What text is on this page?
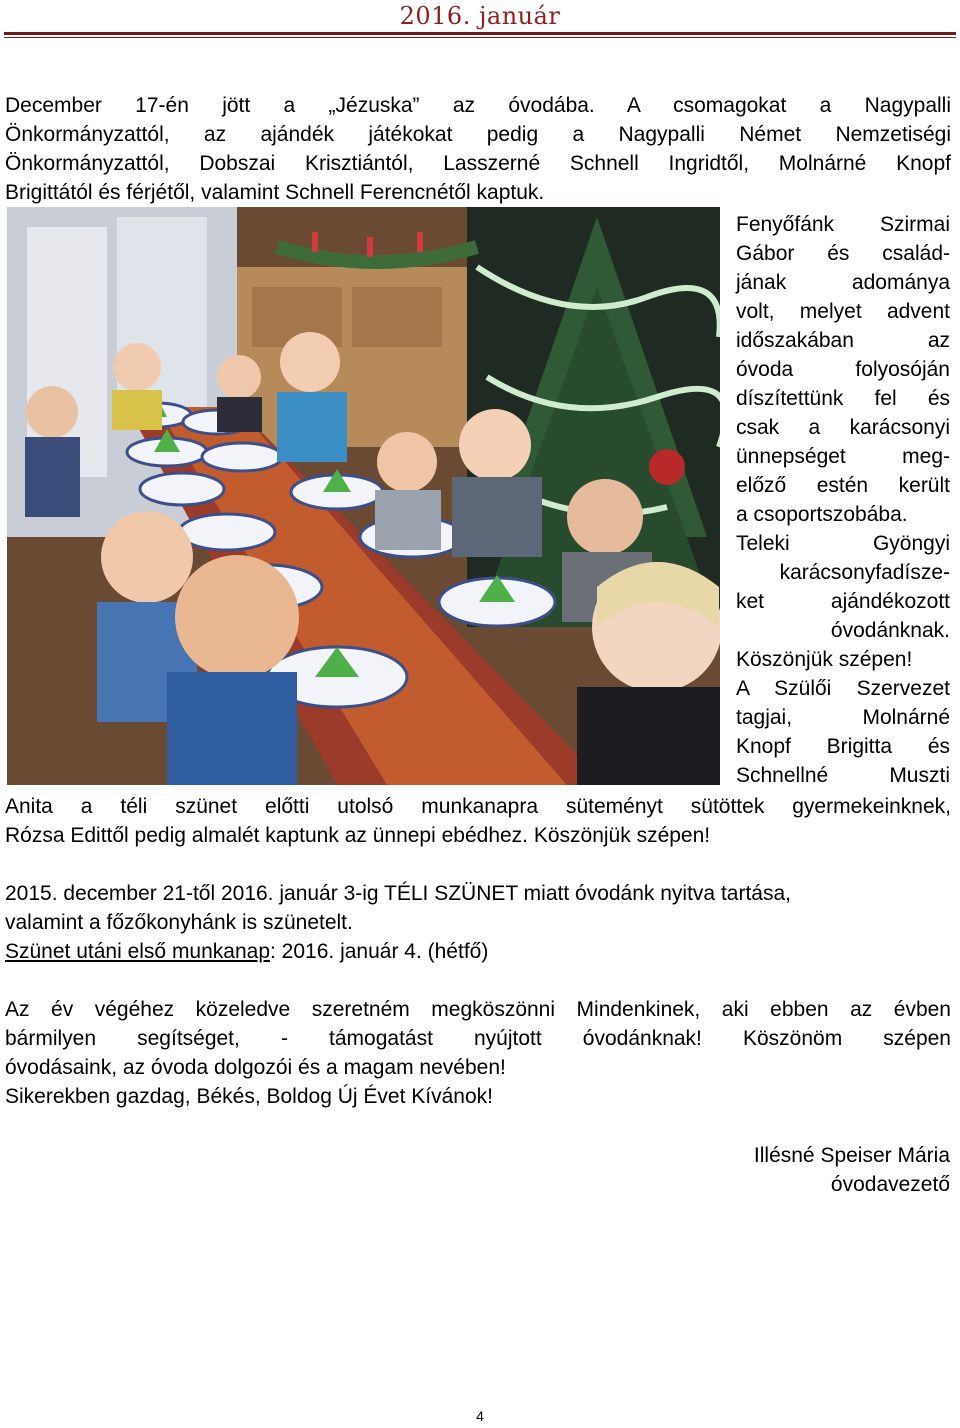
2016. január
December 17-én jött a „Jézuska” az óvodába. A csomagokat a Nagypalli
Önkormányzattól, az ajándék játékokat pedig a Nagypalli Német Nemzetiségi
Önkormányzattól, Dobszai Krisztiántól, Lasszerné Schnell Ingridtől, Molnárné Knopf
Brigittától és férjétől, valamint Schnell Ferencnétől kaptuk.
Fenyőfánk Szirmai
Gábor és család-
jának adománya
volt, melyet advent
időszakában az
óvoda folyosóján
díszítettünk fel és
csak a karácsonyi
ünnepséget meg-
előző estén került
a csoportszobába.
Teleki Gyöngyi
karácsonyfadísze-
ket ajándékozott
óvodánknak.
Köszönjük szépen!
A Szülői Szervezet
tagjai, Molnárné
Knopf Brigitta és
Schnellné Muszti
Anita a téli szünet előtti utolsó munkanapra süteményt sütöttek gyermekeinknek,
Rózsa Edittől pedig almalét kaptunk az ünnepi ebédhez. Köszönjük szépen!
2015. december 21-től 2016. január 3-ig TÉLI SZÜNET miatt óvodánk nyitva tartása,
valamint a főzőkonyhánk is szünetelt.
Szünet utáni első munkanap: 2016. január 4. (hétfő)
Az év végéhez közeledve szeretném megköszönni Mindenkinek, aki ebben az évben
bármilyen segítséget, - támogatást nyújtott óvodánknak! Köszönöm szépen
óvodásaink, az óvoda dolgozói és a magam nevében!
Sikerekben gazdag, Békés, Boldog Új Évet Kívánok!
Illésné Speiser Mária
óvodavezető
4
